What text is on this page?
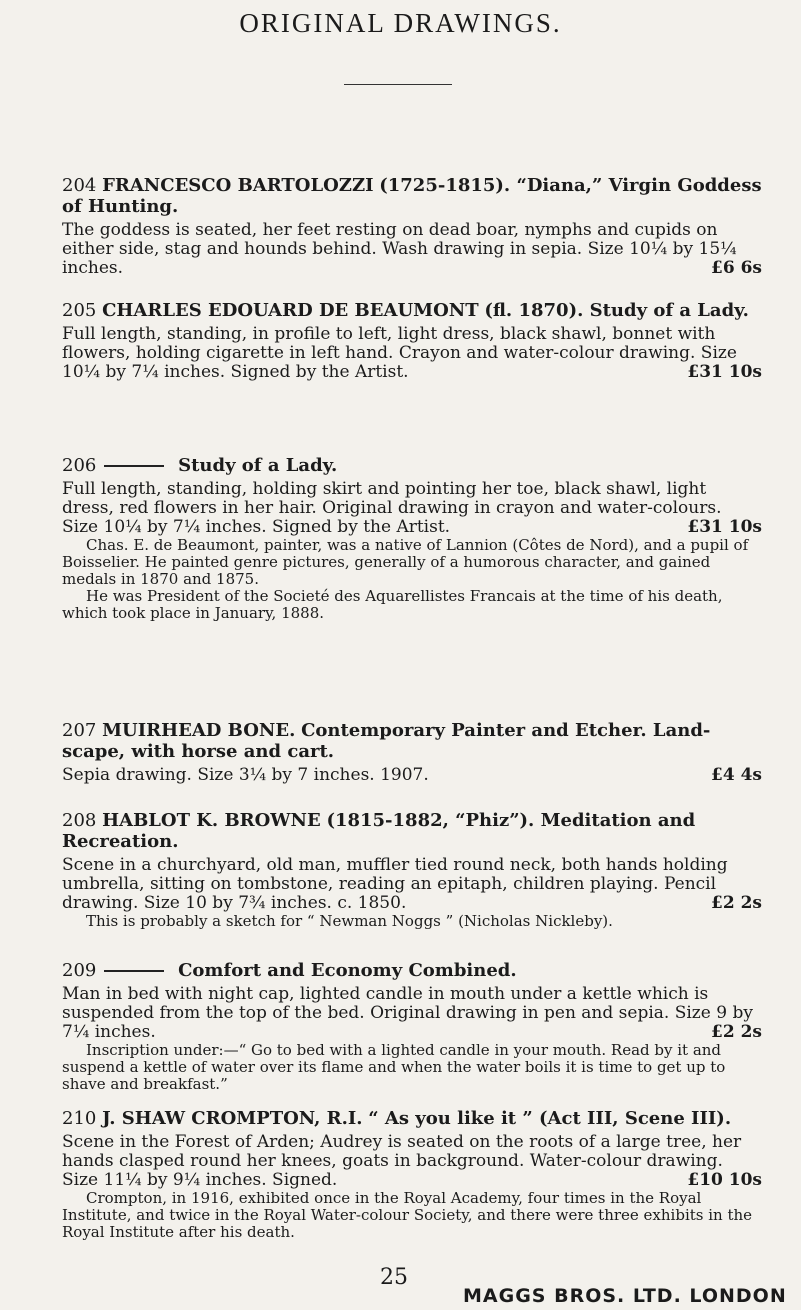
ORIGINAL DRAWINGS.

204 FRANCESCO BARTOLOZZI (1725-1815). “Diana,” Virgin Goddess of Hunting.

The goddess is seated, her feet resting on dead boar, nymphs and cupids on either side, stag and hounds behind. Wash drawing in sepia. Size 10¼ by 15¼ inches.	£6 6s

205 CHARLES EDOUARD DE BEAUMONT (fl. 1870). Study of a Lady.

Full length, standing, in profile to left, light dress, black shawl, bonnet with flowers, holding cigarette in left hand. Crayon and water-colour drawing. Size 10¼ by 7¼ inches. Signed by the Artist.	£31 10s

206	Study of a Lady.

Full length, standing, holding skirt and pointing her toe, black shawl, light dress, red flowers in her hair. Original drawing in crayon and water-colours. Size 10¼ by 7¼ inches. Signed by the Artist.	£31 10s

Chas. E. de Beaumont, painter, was a native of Lannion (Côtes de Nord), and a pupil of Boisselier. He painted genre pictures, generally of a humorous character, and gained medals in 1870 and 1875.

He was President of the Societé des Aquarellistes Francais at the time of his death, which took place in January, 1888.

207 MUIRHEAD BONE. Contemporary Painter and Etcher. Land-scape, with horse and cart.

Sepia drawing. Size 3¼ by 7 inches. 1907.	£4 4s

208 HABLOT K. BROWNE (1815-1882, “Phiz”). Meditation and Recreation.

Scene in a churchyard, old man, muffler tied round neck, both hands holding umbrella, sitting on tombstone, reading an epitaph, children playing. Pencil drawing. Size 10 by 7¾ inches. c. 1850.	£2 2s

This is probably a sketch for “ Newman Noggs ” (Nicholas Nickleby).

209	Comfort and Economy Combined.

Man in bed with night cap, lighted candle in mouth under a kettle which is suspended from the top of the bed. Original drawing in pen and sepia. Size 9 by 7¼ inches.	£2 2s

Inscription under:—“ Go to bed with a lighted candle in your mouth. Read by it and suspend a kettle of water over its flame and when the water boils it is time to get up to shave and breakfast.”

210 J. SHAW CROMPTON, R.I. “ As you like it ” (Act III, Scene III).

Scene in the Forest of Arden; Audrey is seated on the roots of a large tree, her hands clasped round her knees, goats in background. Water-colour drawing. Size 11¼ by 9¼ inches. Signed.	£10 10s

Crompton, in 1916, exhibited once in the Royal Academy, four times in the Royal Institute, and twice in the Royal Water-colour Society, and there were three exhibits in the Royal Institute after his death.

25
MAGGS BROS. LTD. LONDON
